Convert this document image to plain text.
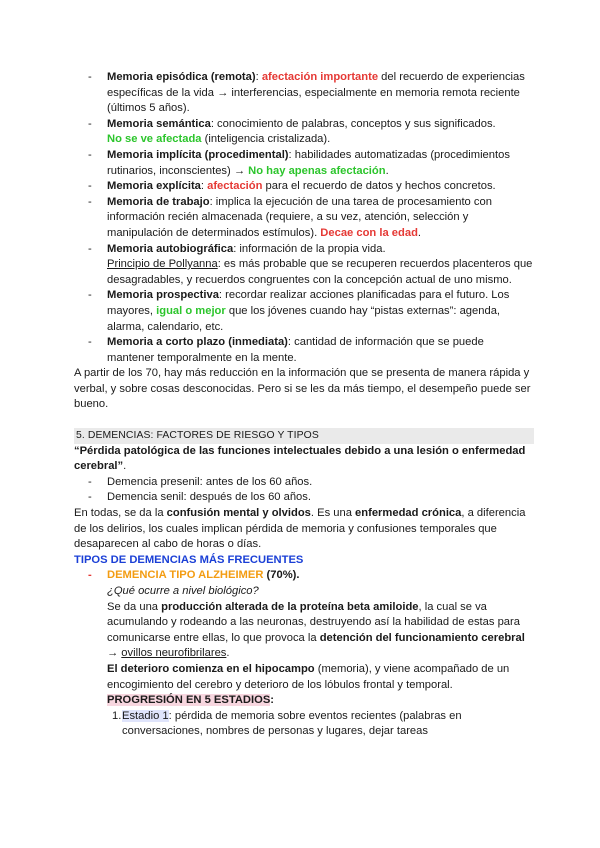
- Memoria episódica (remota): afectación importante del recuerdo de experiencias específicas de la vida → interferencias, especialmente en memoria remota reciente (últimos 5 años).
- Memoria semántica: conocimiento de palabras, conceptos y sus significados.
No se ve afectada (inteligencia cristalizada).
- Memoria implícita (procedimental): habilidades automatizadas (procedimientos rutinarios, inconscientes) → No hay apenas afectación.
- Memoria explícita: afectación para el recuerdo de datos y hechos concretos.
- Memoria de trabajo: implica la ejecución de una tarea de procesamiento con información recién almacenada (requiere, a su vez, atención, selección y manipulación de determinados estímulos). Decae con la edad.
- Memoria autobiográfica: información de la propia vida.
Principio de Pollyanna: es más probable que se recuperen recuerdos placenteros que desagradables, y recuerdos congruentes con la concepción actual de uno mismo.
- Memoria prospectiva: recordar realizar acciones planificadas para el futuro. Los mayores, igual o mejor que los jóvenes cuando hay “pistas externas”: agenda, alarma, calendario, etc.
- Memoria a corto plazo (inmediata): cantidad de información que se puede mantener temporalmente en la mente.
A partir de los 70, hay más reducción en la información que se presenta de manera rápida y verbal, y sobre cosas desconocidas. Pero si se les da más tiempo, el desempeño puede ser bueno.
5. DEMENCIAS: FACTORES DE RIESGO Y TIPOS
“Pérdida patológica de las funciones intelectuales debido a una lesión o enfermedad cerebral”.
- Demencia presenil: antes de los 60 años.
- Demencia senil: después de los 60 años.
En todas, se da la confusión mental y olvidos. Es una enfermedad crónica, a diferencia de los delirios, los cuales implican pérdida de memoria y confusiones temporales que desaparecen al cabo de horas o días.
TIPOS DE DEMENCIAS MÁS FRECUENTES
- DEMENCIA TIPO ALZHEIMER (70%).
¿Qué ocurre a nivel biológico?
Se da una producción alterada de la proteína beta amiloide, la cual se va acumulando y rodeando a las neuronas, destruyendo así la habilidad de estas para comunicarse entre ellas, lo que provoca la detención del funcionamiento cerebral → ovillos neurofibrilares.
El deterioro comienza en el hipocampo (memoria), y viene acompañado de un encogimiento del cerebro y deterioro de los lóbulos frontal y temporal.
PROGRESIÓN EN 5 ESTADIOS:
1. Estadio 1: pérdida de memoria sobre eventos recientes (palabras en conversaciones, nombres de personas y lugares, dejar tareas
